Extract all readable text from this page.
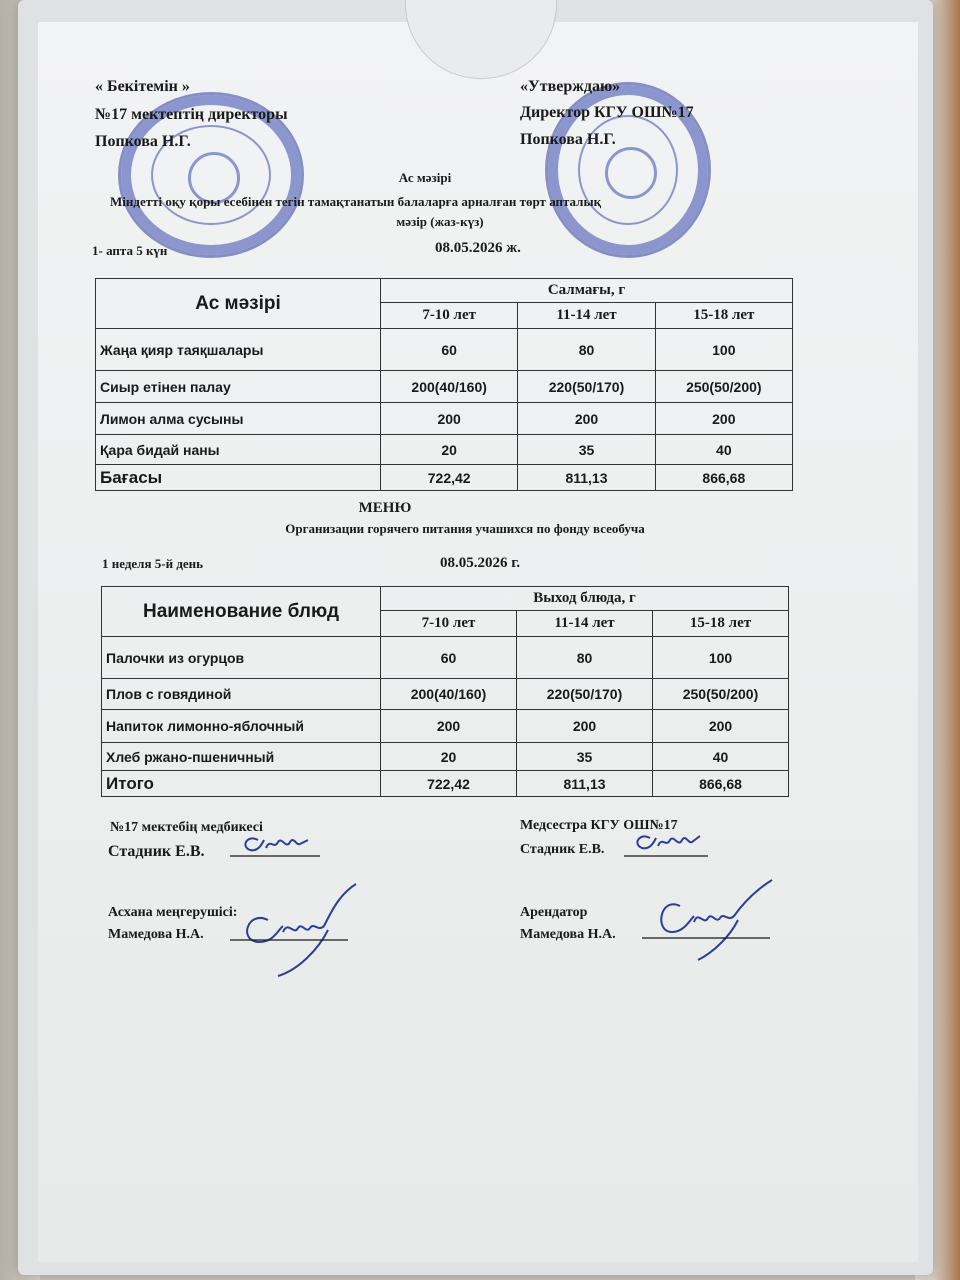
« Бекітемін »
№17 мектептің директоры
Попкова Н.Г.
«Утверждаю»
Директор КГУ ОШ№17
Попкова Н.Г.
Ас мәзірі
Міндетті оқу қоры есебінен тегін тамақтанатын балаларға арналған төрт апталық
мәзір (жаз-күз)
1- апта 5 күн	08.05.2026 ж.
Ас мәзірі	Салмағы, г		
	7-10 лет	11-14 лет	15-18 лет
Жаңа қияр таяқшалары	60	80	100
Сиыр етінен палау	200(40/160)	220(50/170)	250(50/200)
Лимон алма сусыны	200	200	200
Қара бидай наны	20	35	40
Бағасы	722,42	811,13	866,68
МЕНЮ
Организации горячего питания учашихся по фонду всеобуча
1 неделя 5-й день	08.05.2026 г.
Наименование блюд	Выход блюда, г		
	7-10 лет	11-14 лет	15-18 лет
Палочки из огурцов	60	80	100
Плов с говядиной	200(40/160)	220(50/170)	250(50/200)
Напиток лимонно-яблочный	200	200	200
Хлеб ржано-пшеничный	20	35	40
Итого	722,42	811,13	866,68
№17 мектебің медбикесі
Стадник Е.В.
Медсестра КГУ ОШ№17
Стадник Е.В.
Асхана меңгерушісі:
Мамедова Н.А.
Арендатор
Мамедова Н.А.
